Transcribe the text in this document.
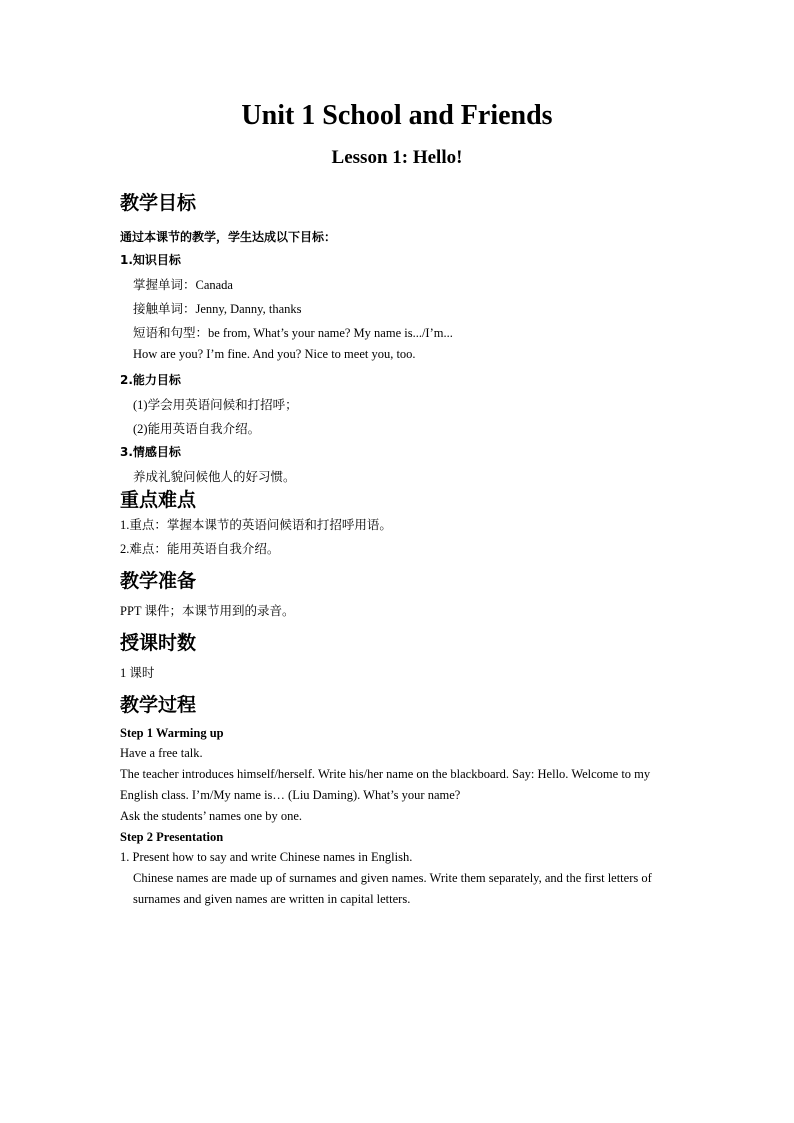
Unit 1 School and Friends
Lesson 1: Hello!
教学目标
通过本课节的教学，学生达成以下目标：
1.知识目标
掌握单词：Canada
接触单词：Jenny, Danny, thanks
短语和句型：be from, What’s your name? My name is.../I’m...
How are you? I’m fine. And you? Nice to meet you, too.
2.能力目标
(1)学会用英语问候和打招呼；
(2)能用英语自我介绍。
3.情感目标
养成礼貌问候他人的好习惯。
重点难点
1.重点：掌握本课节的英语问候语和打招呼用语。
2.难点：能用英语自我介绍。
教学准备
PPT 课件；本课节用到的录音。
授课时数
1 课时
教学过程
Step 1 Warming up
Have a free talk.
The teacher introduces himself/herself. Write his/her name on the blackboard. Say: Hello. Welcome to my English class. I’m/My name is… (Liu Daming). What’s your name?
Ask the students’ names one by one.
Step 2 Presentation
1. Present how to say and write Chinese names in English.
Chinese names are made up of surnames and given names. Write them separately, and the first letters of surnames and given names are written in capital letters.
